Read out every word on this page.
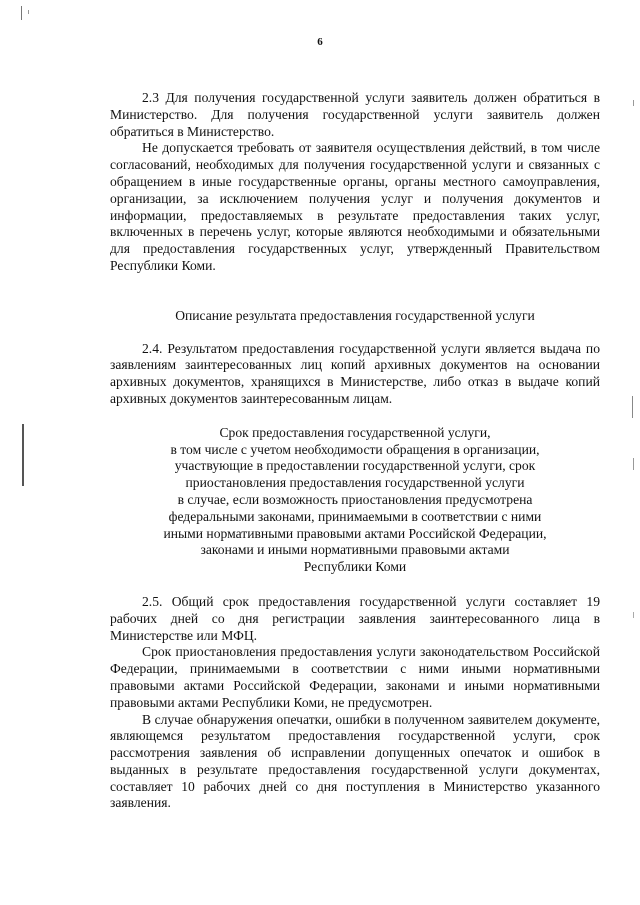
6

2.3 Для получения государственной услуги заявитель должен обратиться в Министерство. Для получения государственной услуги заявитель должен обратиться в Министерство.

Не допускается требовать от заявителя осуществления действий, в том числе согласований, необходимых для получения государственной услуги и связанных с обращением в иные государственные органы, органы местного самоуправления, организации, за исключением получения услуг и получения документов и информации, предоставляемых в результате предоставления таких услуг, включенных в перечень услуг, которые являются необходимыми и обязательными для предоставления государственных услуг, утвержденный Правительством Республики Коми.

Описание результата предоставления государственной услуги

2.4. Результатом предоставления государственной услуги является выдача по заявлениям заинтересованных лиц копий архивных документов на основании архивных документов, хранящихся в Министерстве, либо отказ в выдаче копий архивных документов заинтересованным лицам.

Срок предоставления государственной услуги,
в том числе с учетом необходимости обращения в организации,
участвующие в предоставлении государственной услуги, срок
приостановления предоставления государственной услуги
в случае, если возможность приостановления предусмотрена
федеральными законами, принимаемыми в соответствии с ними
иными нормативными правовыми актами Российской Федерации,
законами и иными нормативными правовыми актами
Республики Коми

2.5. Общий срок предоставления государственной услуги составляет 19 рабочих дней со дня регистрации заявления заинтересованного лица в Министерстве или МФЦ.

Срок приостановления предоставления услуги законодательством Российской Федерации, принимаемыми в соответствии с ними иными нормативными правовыми актами Российской Федерации, законами и иными нормативными правовыми актами Республики Коми, не предусмотрен.

В случае обнаружения опечатки, ошибки в полученном заявителем документе, являющемся результатом предоставления государственной услуги, срок рассмотрения заявления об исправлении допущенных опечаток и ошибок в выданных в результате предоставления государственной услуги документах, составляет 10 рабочих дней со дня поступления в Министерство указанного заявления.
